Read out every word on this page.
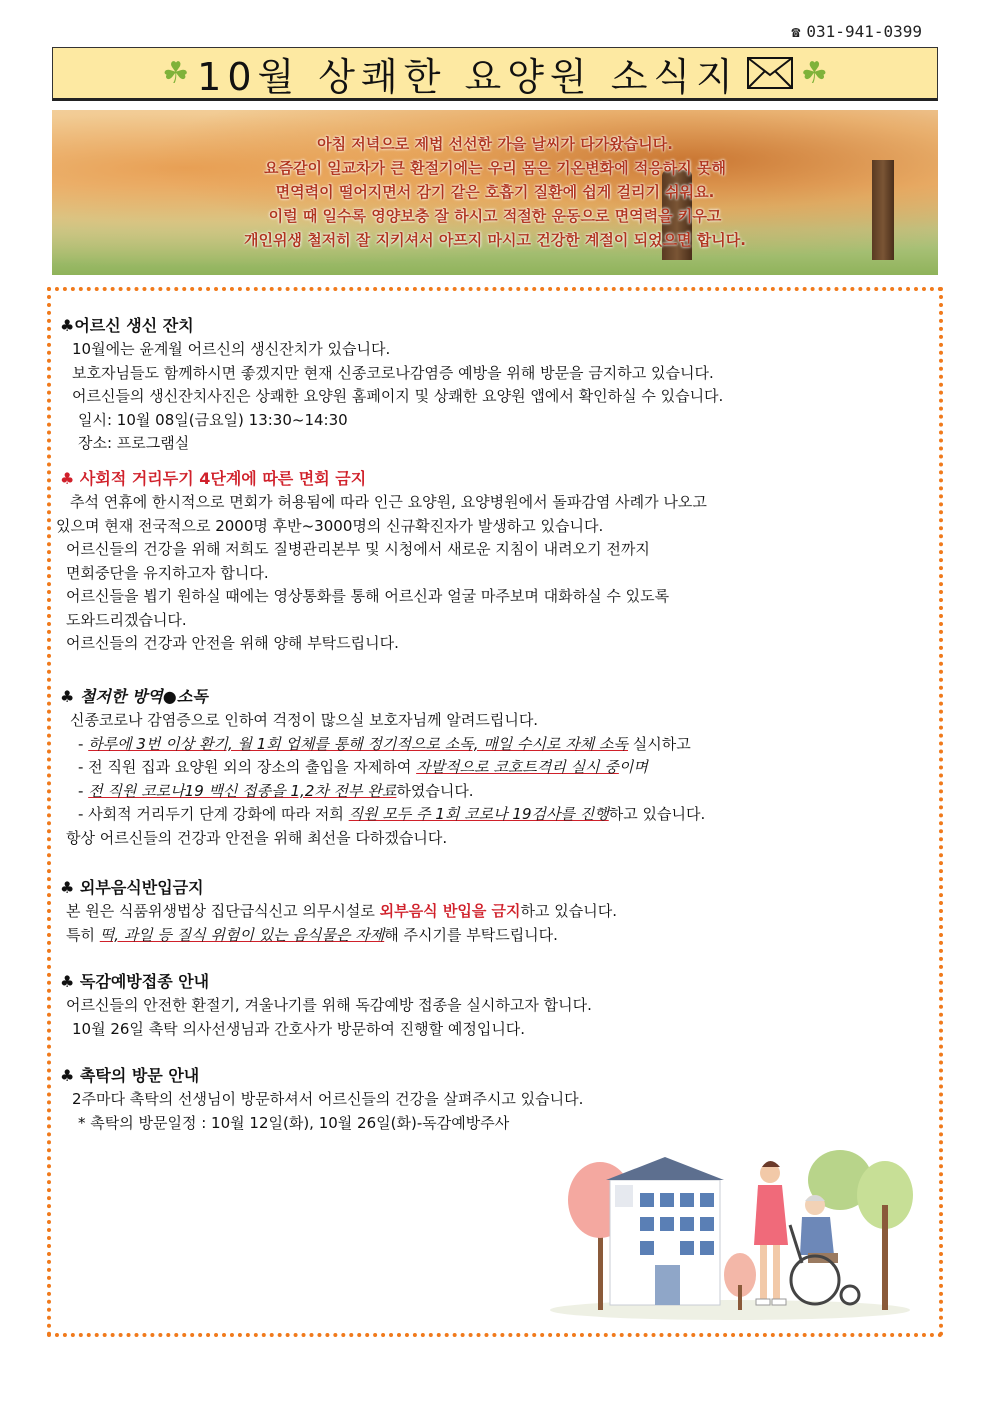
☎ 031-941-0399
☘ 10월 상쾌한 요양원 소식지 ☘
아침 저녁으로 제법 선선한 가을 날씨가 다가왔습니다.
요즘같이 일교차가 큰 환절기에는 우리 몸은 기온변화에 적응하지 못해
면역력이 떨어지면서 감기 같은 호흡기 질환에 쉽게 걸리기 쉬워요.
이럴 때 일수록 영양보충 잘 하시고 적절한 운동으로 면역력을 키우고
개인위생 철저히 잘 지키셔서 아프지 마시고 건강한 계절이 되었으면 합니다.
♣어르신 생신 잔치
10월에는 윤계월 어르신의 생신잔치가 있습니다.
보호자님들도 함께하시면 좋겠지만 현재 신종코로나감염증 예방을 위해 방문을 금지하고 있습니다.
어르신들의 생신잔치사진은 상쾌한 요양원 홈페이지 및 상쾌한 요양원 앱에서 확인하실 수 있습니다.
일시: 10월 08일(금요일) 13:30~14:30
장소: 프로그램실
♣ 사회적 거리두기 4단계에 따른 면회 금지
추석 연휴에 한시적으로 면회가 허용됨에 따라 인근 요양원, 요양병원에서 돌파감염 사례가 나오고
있으며 현재 전국적으로 2000명 후반~3000명의 신규확진자가 발생하고 있습니다.
어르신들의 건강을 위해 저희도 질병관리본부 및 시청에서 새로운 지침이 내려오기 전까지
면회중단을 유지하고자 합니다.
어르신들을 뵙기 원하실 때에는 영상통화를 통해 어르신과 얼굴 마주보며 대화하실 수 있도록
도와드리겠습니다.
어르신들의 건강과 안전을 위해 양해 부탁드립니다.
♣ 철저한 방역●소독
신종코로나 감염증으로 인하여 걱정이 많으실 보호자님께 알려드립니다.
- 하루에 3번 이상 환기, 월 1회 업체를 통해 정기적으로 소독, 매일 수시로 자체 소독 실시하고
- 전 직원 집과 요양원 외의 장소의 출입을 자제하여 자발적으로 코호트격리 실시 중이며
- 전 직원 코로나19 백신 접종을 1,2차 전부 완료하였습니다.
- 사회적 거리두기 단계 강화에 따라 저희 직원 모두 주 1회 코로나 19검사를 진행하고 있습니다.
항상 어르신들의 건강과 안전을 위해 최선을 다하겠습니다.
♣ 외부음식반입금지
본 원은 식품위생법상 집단급식신고 의무시설로 외부음식 반입을 금지하고 있습니다.
특히 떡, 과일 등 질식 위험이 있는 음식물은 자제해 주시기를 부탁드립니다.
♣ 독감예방접종 안내
어르신들의 안전한 환절기, 겨울나기를 위해 독감예방 접종을 실시하고자 합니다.
10월 26일 촉탁 의사선생님과 간호사가 방문하여 진행할 예정입니다.
♣ 촉탁의 방문 안내
2주마다 촉탁의 선생님이 방문하셔서 어르신들의 건강을 살펴주시고 있습니다.
* 촉탁의 방문일정 : 10월 12일(화), 10월 26일(화)-독감예방주사
